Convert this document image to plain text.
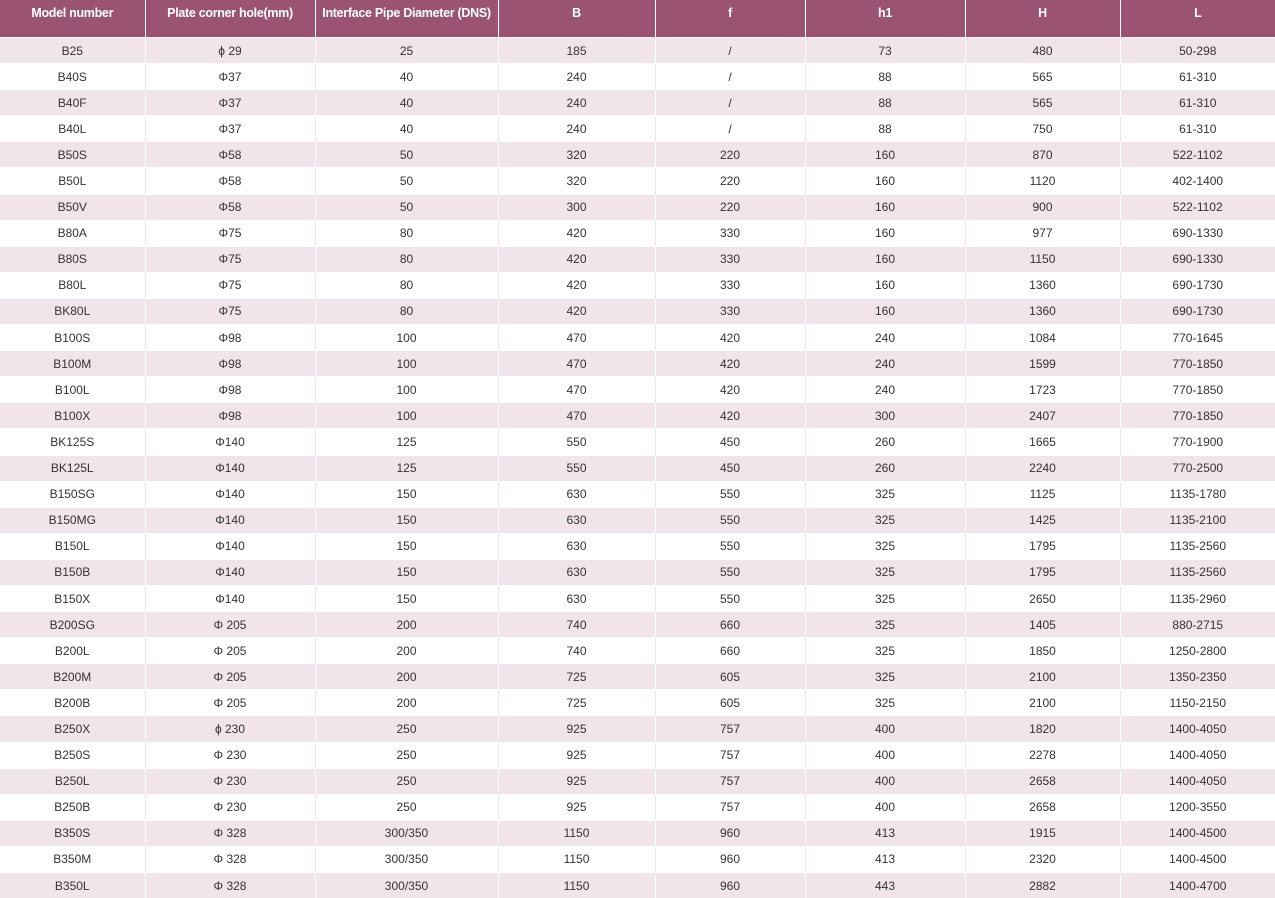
Model number	Plate corner hole(mm)	Interface Pipe Diameter (DNS)	B	f	h1	H	L
B25	ϕ 29	25	185	/	73	480	50-298
B40S	Φ37	40	240	/	88	565	61-310
B40F	Φ37	40	240	/	88	565	61-310
B40L	Φ37	40	240	/	88	750	61-310
B50S	Φ58	50	320	220	160	870	522-1102
B50L	Φ58	50	320	220	160	1120	402-1400
B50V	Φ58	50	300	220	160	900	522-1102
B80A	Φ75	80	420	330	160	977	690-1330
B80S	Φ75	80	420	330	160	1150	690-1330
B80L	Φ75	80	420	330	160	1360	690-1730
BK80L	Φ75	80	420	330	160	1360	690-1730
B100S	Φ98	100	470	420	240	1084	770-1645
B100M	Φ98	100	470	420	240	1599	770-1850
B100L	Φ98	100	470	420	240	1723	770-1850
B100X	Φ98	100	470	420	300	2407	770-1850
BK125S	Φ140	125	550	450	260	1665	770-1900
BK125L	Φ140	125	550	450	260	2240	770-2500
B150SG	Φ140	150	630	550	325	1125	1135-1780
B150MG	Φ140	150	630	550	325	1425	1135-2100
B150L	Φ140	150	630	550	325	1795	1135-2560
B150B	Φ140	150	630	550	325	1795	1135-2560
B150X	Φ140	150	630	550	325	2650	1135-2960
B200SG	Φ 205	200	740	660	325	1405	880-2715
B200L	Φ 205	200	740	660	325	1850	1250-2800
B200M	Φ 205	200	725	605	325	2100	1350-2350
B200B	Φ 205	200	725	605	325	2100	1150-2150
B250X	ϕ 230	250	925	757	400	1820	1400-4050
B250S	Φ 230	250	925	757	400	2278	1400-4050
B250L	Φ 230	250	925	757	400	2658	1400-4050
B250B	Φ 230	250	925	757	400	2658	1200-3550
B350S	Φ 328	300/350	1150	960	413	1915	1400-4500
B350M	Φ 328	300/350	1150	960	413	2320	1400-4500
B350L	Φ 328	300/350	1150	960	443	2882	1400-4700
